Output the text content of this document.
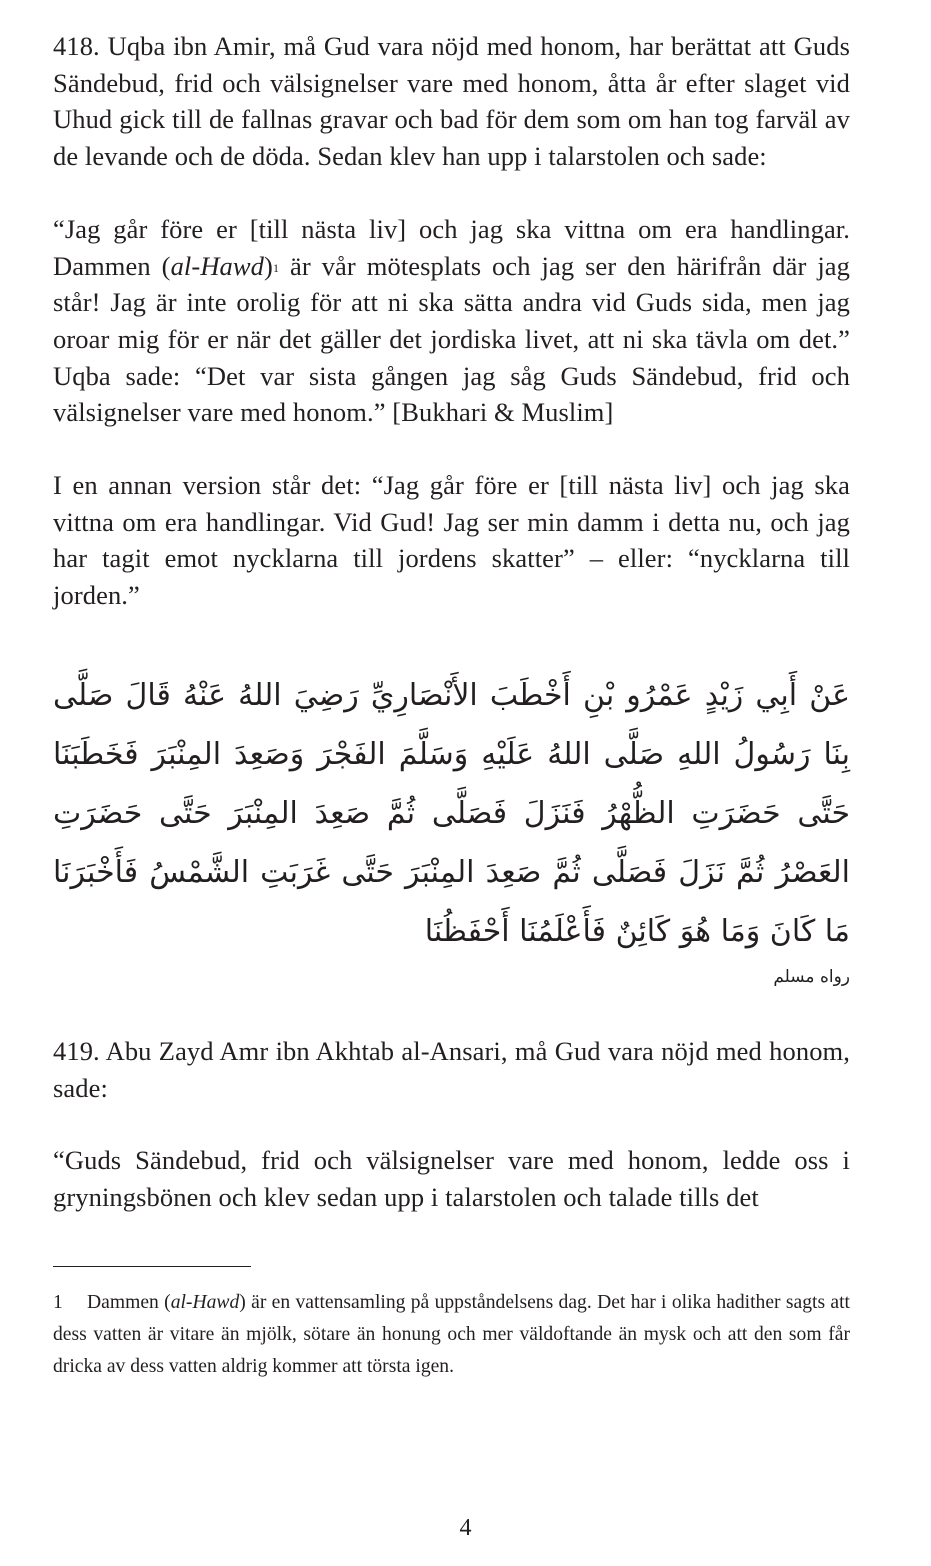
418. Uqba ibn Amir, må Gud vara nöjd med honom, har berättat att Guds Sändebud, frid och välsignelser vare med honom, åtta år efter slaget vid Uhud gick till de fallnas gravar och bad för dem som om han tog farväl av de levande och de döda. Sedan klev han upp i talarstolen och sade:

“Jag går före er [till nästa liv] och jag ska vittna om era handlingar. Dammen (al-Hawd)$^1$ är vår mötesplats och jag ser den härifrån där jag står! Jag är inte orolig för att ni ska sätta andra vid Guds sida, men jag oroar mig för er när det gäller det jordiska livet, att ni ska tävla om det.” Uqba sade: “Det var sista gången jag såg Guds Sändebud, frid och välsignelser vare med honom.” [Bukhari & Muslim]

I en annan version står det: “Jag går före er [till nästa liv] och jag ska vittna om era handlingar. Vid Gud! Jag ser min damm i detta nu, och jag har tagit emot nycklarna till jordens skatter” – eller: “nycklarna till jorden.”

عَنْ أَبِي زَيْدٍ عَمْرُو بْنِ أَخْطَبَ الأَنْصَارِيِّ رَضِيَ اللهُ عَنْهُ قَالَ صَلَّى بِنَا رَسُولُ اللهِ صَلَّى اللهُ عَلَيْهِ وَسَلَّمَ الفَجْرَ وَصَعِدَ المِنْبَرَ فَخَطَبَنَا حَتَّى حَضَرَتِ الظُّهْرُ فَنَزَلَ فَصَلَّى ثُمَّ صَعِدَ المِنْبَرَ حَتَّى حَضَرَتِ العَصْرُ ثُمَّ نَزَلَ فَصَلَّى ثُمَّ صَعِدَ المِنْبَرَ حَتَّى غَرَبَتِ الشَّمْسُ فَأَخْبَرَنَا مَا كَانَ وَمَا هُوَ كَائِنٌ فَأَعْلَمُنَا أَحْفَظُنَا
رواه مسلم

419. Abu Zayd Amr ibn Akhtab al-Ansari, må Gud vara nöjd med honom, sade:

“Guds Sändebud, frid och välsignelser vare med honom, ledde oss i gryningsbönen och klev sedan upp i talarstolen och talade tills det

1 Dammen (al-Hawd) är en vattensamling på uppståndelsens dag. Det har i olika hadither sagts att dess vatten är vitare än mjölk, sötare än honung och mer väldoftande än mysk och att den som får dricka av dess vatten aldrig kommer att törsta igen.
4
